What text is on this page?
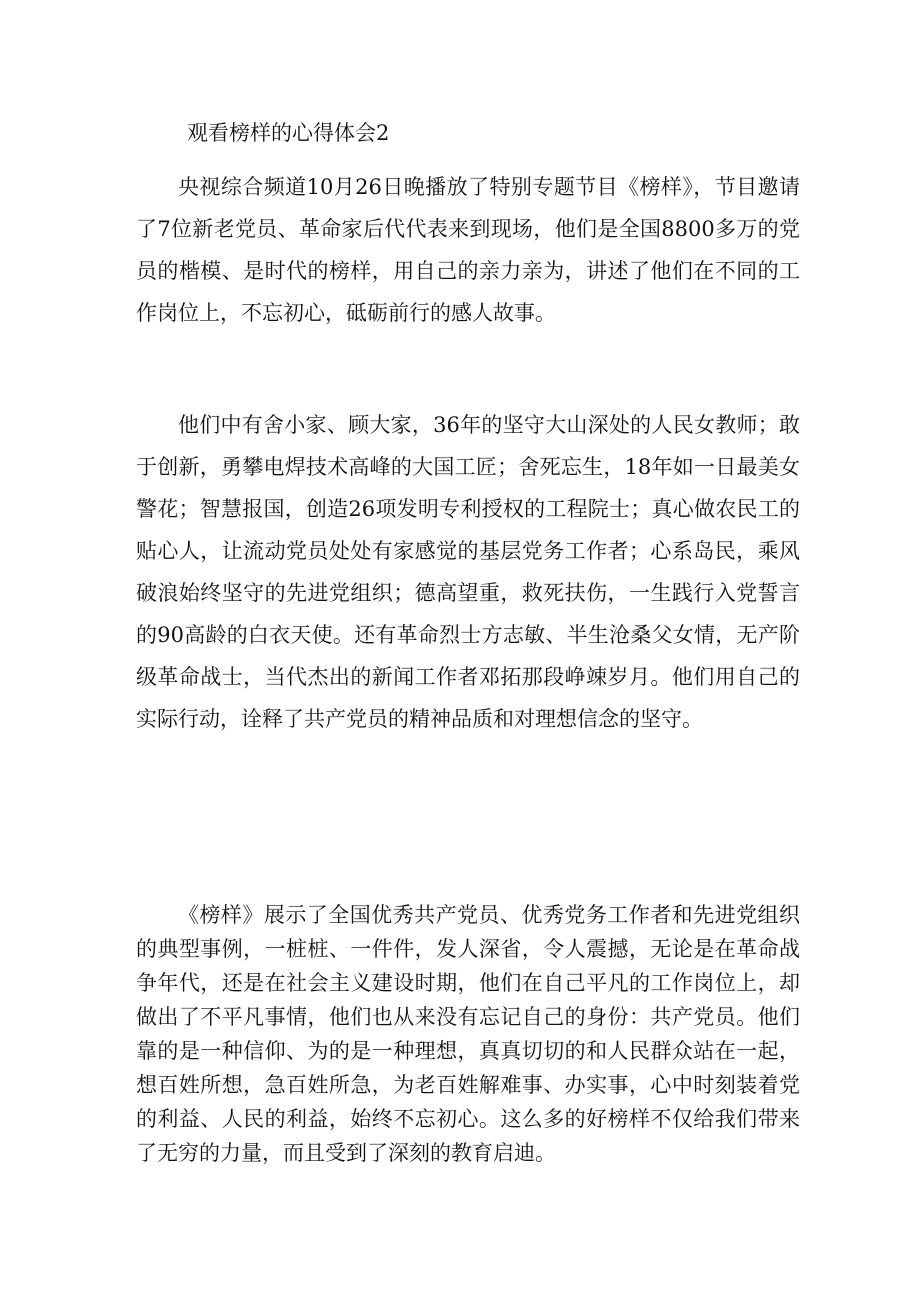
观看榜样的心得体会2

央视综合频道10月26日晚播放了特别专题节目《榜样》，节目邀请了7位新老党员、革命家后代代表来到现场，他们是全国8800多万的党员的楷模、是时代的榜样，用自己的亲力亲为，讲述了他们在不同的工作岗位上，不忘初心，砥砺前行的感人故事。

他们中有舍小家、顾大家，36年的坚守大山深处的人民女教师；敢于创新，勇攀电焊技术高峰的大国工匠；舍死忘生，18年如一日最美女警花；智慧报国，创造26项发明专利授权的工程院士；真心做农民工的贴心人，让流动党员处处有家感觉的基层党务工作者；心系岛民，乘风破浪始终坚守的先进党组织；德高望重，救死扶伤，一生践行入党誓言的90高龄的白衣天使。还有革命烈士方志敏、半生沧桑父女情，无产阶级革命战士，当代杰出的新闻工作者邓拓那段峥竦岁月。他们用自己的实际行动，诠释了共产党员的精神品质和对理想信念的坚守。

《榜样》展示了全国优秀共产党员、优秀党务工作者和先进党组织的典型事例，一桩桩、一件件，发人深省，令人震撼，无论是在革命战争年代，还是在社会主义建设时期，他们在自己平凡的工作岗位上，却做出了不平凡事情，他们也从来没有忘记自己的身份：共产党员。他们靠的是一种信仰、为的是一种理想，真真切切的和人民群众站在一起，想百姓所想，急百姓所急，为老百姓解难事、办实事，心中时刻装着党的利益、人民的利益，始终不忘初心。这么多的好榜样不仅给我们带来了无穷的力量，而且受到了深刻的教育启迪。
